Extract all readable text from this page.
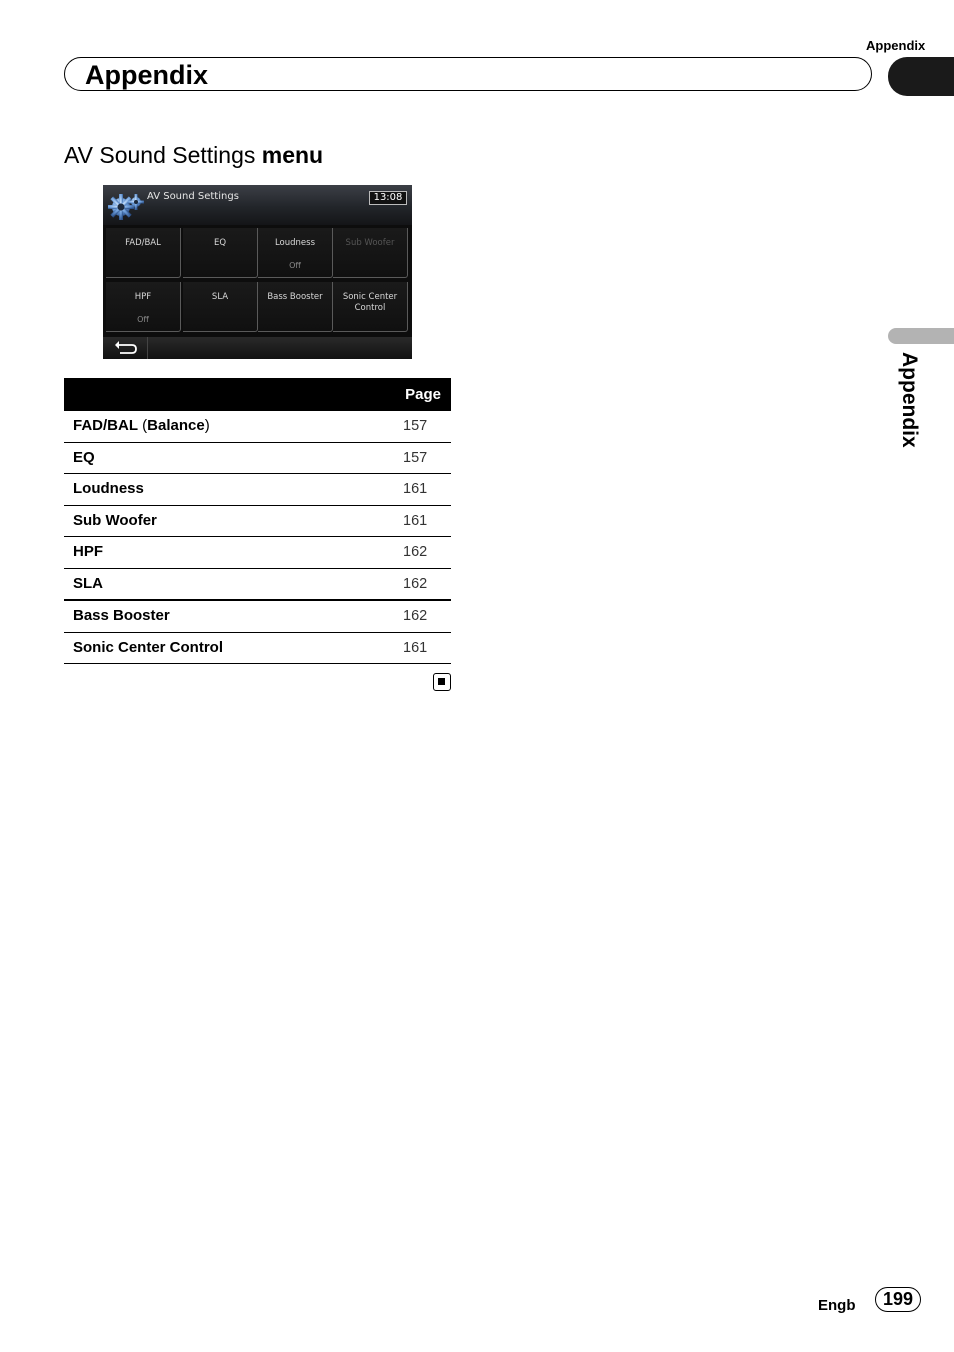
Appendix
Appendix
AV Sound Settings menu
AV Sound Settings	13:08
FAD/BAL	EQ	Loudness
Off
Sub Woofer
HPF
Off
SLA	Bass Booster	Sonic Center Control
Page
FAD/BAL (Balance)	157
EQ	157
Loudness	161
Sub Woofer	161
HPF	162
SLA	162
Bass Booster	162
Sonic Center Control	161
Appendix
Engb	199
